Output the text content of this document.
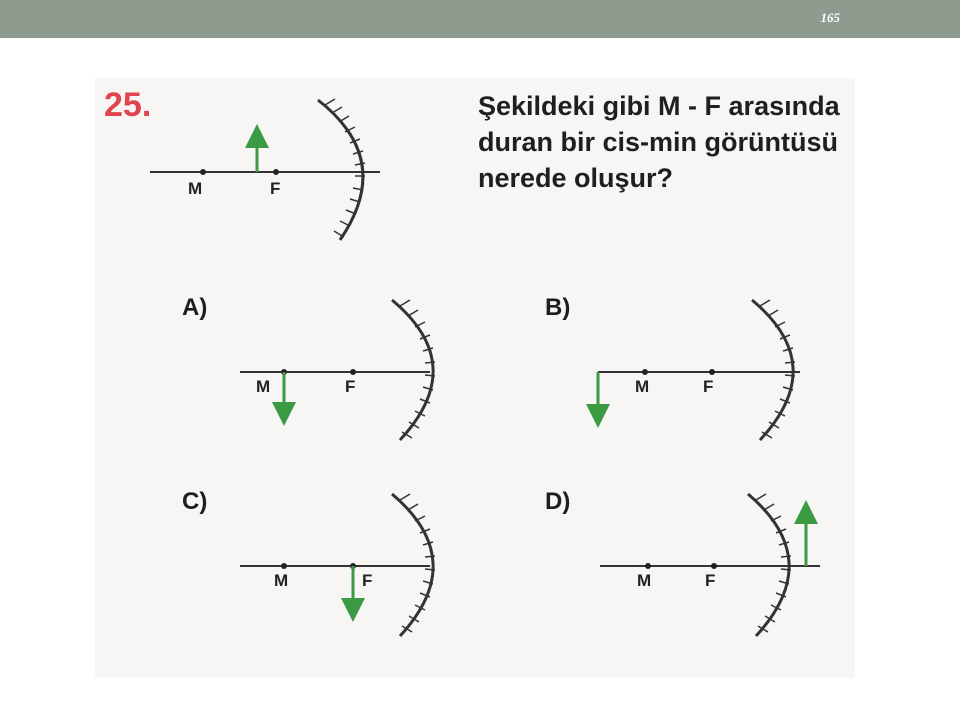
165
25.	Şekildeki gibi M - F arasında duran bir cis-min görüntüsü nerede oluşur?
A)	B)
C)	D)
M	F
M	F	M	F
M	F	M	F
